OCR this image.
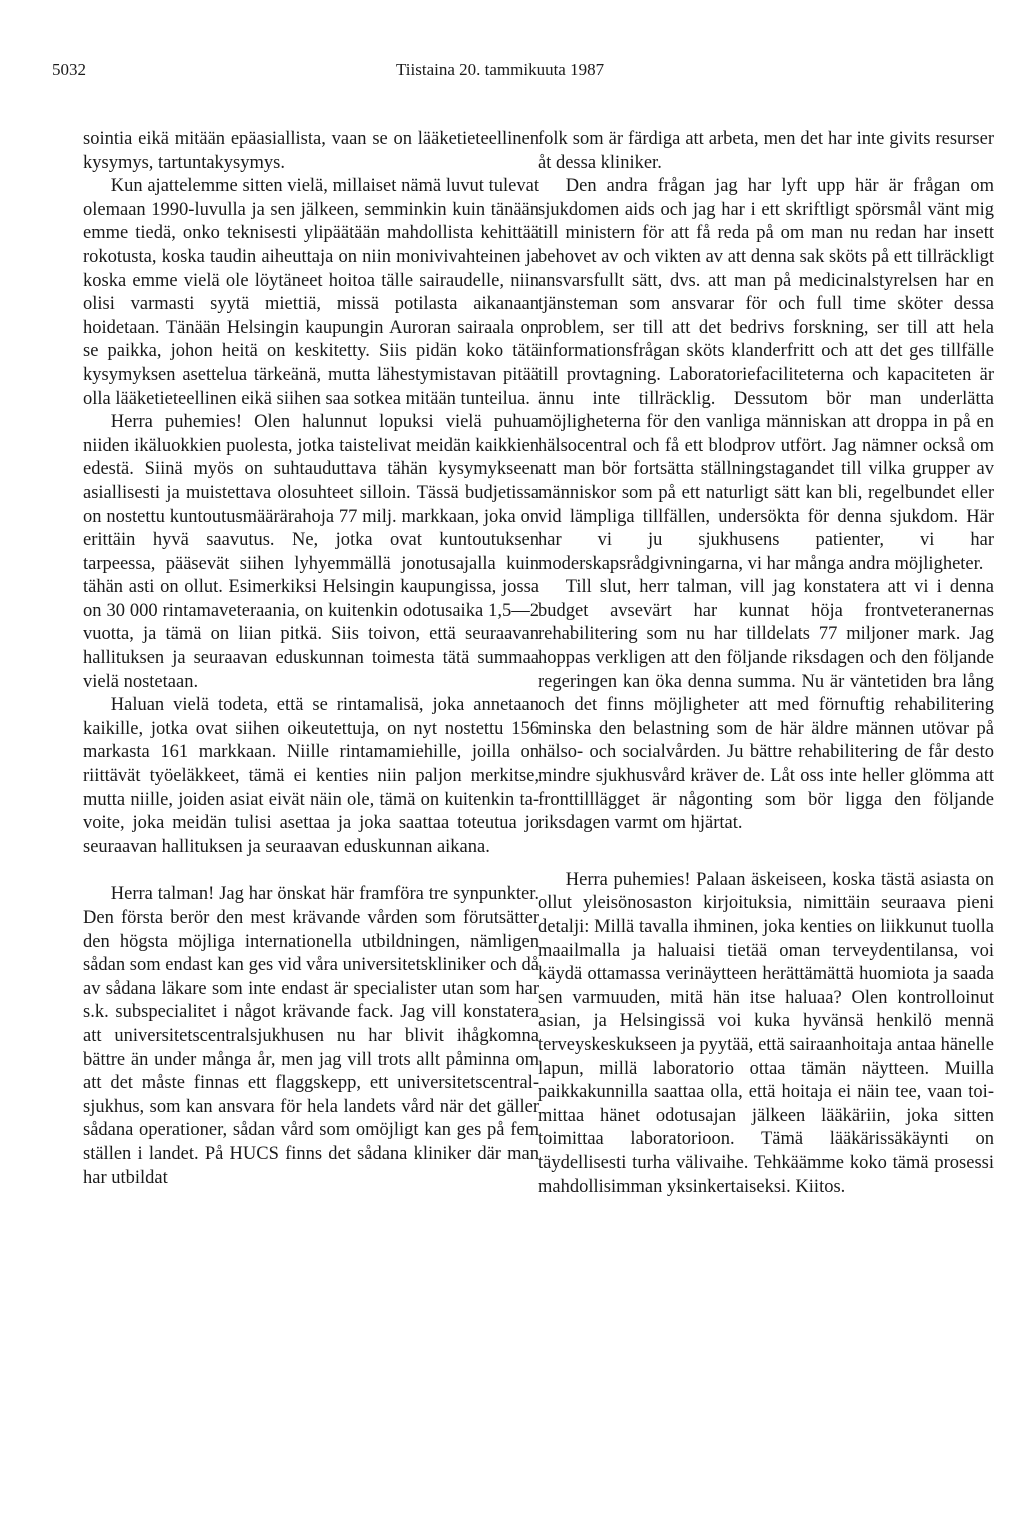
5032	Tiistaina 20. tammikuuta 1987

sointia eikä mitään epäasiallista, vaan se on lääketieteellinen kysymys, tartuntakysymys.

Kun ajattelemme sitten vielä, millaiset nämä luvut tulevat olemaan 1990-luvulla ja sen jälkeen, semminkin kuin tänään emme tiedä, onko teknisesti ylipäätään mahdollista kehittää rokotusta, koska taudin aiheuttaja on niin monivivahteinen ja koska emme vielä ole löytäneet hoitoa tälle sairaudelle, niin olisi varmasti syytä miettiä, missä potilasta aikanaan hoidetaan. Tänään Helsingin kaupungin Auroran sairaala on se paikka, johon heitä on keskitetty. Siis pidän koko tätä kysymyksen asettelua tärkeänä, mutta lähestymistavan pitää olla lääketieteellinen eikä siihen saa sotkea mitään tunteilua.

Herra puhemies! Olen halunnut lopuksi vielä puhua niiden ikäluokkien puolesta, jotka taistelivat meidän kaikkien edestä. Siinä myös on suhtauduttava tähän kysymykseen asiallisesti ja muistettava olosuhteet silloin. Tässä budjetissa on nostettu kuntoutusmäärärahoja 77 milj. markkaan, joka on erittäin hyvä saavutus. Ne, jotka ovat kuntoutuksen tarpeessa, pääsevät siihen lyhyemmällä jonotusajalla kuin tähän asti on ollut. Esimerkiksi Helsingin kaupungissa, jossa on 30 000 rintamaveteraania, on kuitenkin odotusaika 1,5—2 vuotta, ja tämä on liian pitkä. Siis toivon, että seuraavan hallituksen ja seuraavan eduskunnan toimesta tätä summaa vielä nostetaan.

Haluan vielä todeta, että se rintamalisä, joka annetaan kaikille, jotka ovat siihen oikeutettuja, on nyt nostettu 156 markasta 161 markkaan. Niille rintamamiehille, joilla on riittävät työeläkkeet, tämä ei kenties niin paljon merkitse, mutta niille, joiden asiat eivät näin ole, tämä on kuitenkin tavoite, joka meidän tulisi asettaa ja joka saattaa toteutua jo seuraavan hallituksen ja seuraavan eduskunnan aikana.

Herra talman! Jag har önskat här framföra tre synpunkter. Den första berör den mest krävande vården som förutsätter den högsta möjliga internationella utbildningen, nämligen sådan som endast kan ges vid våra universitetskliniker och då av sådana läkare som inte endast är specialister utan som har s.k. subspecialitet i något krävande fack. Jag vill konstatera att universitetscentralsjukhusen nu har blivit ihågkomna bättre än under många år, men jag vill trots allt påminna om att det måste finnas ett flaggskepp, ett universitetscentralsjukhus, som kan ansvara för hela landets vård när det gäller sådana operationer, sådan vård som omöjligt kan ges på fem ställen i landet. På HUCS finns det sådana kliniker där man har utbildat

folk som är färdiga att arbeta, men det har inte givits resurser åt dessa kliniker.

Den andra frågan jag har lyft upp här är frågan om sjukdomen aids och jag har i ett skriftligt spörsmål vänt mig till ministern för att få reda på om man nu redan har insett behovet av och vikten av att denna sak sköts på ett tillräckligt ansvarsfullt sätt, dvs. att man på medicinalstyrelsen har en tjänsteman som ansvarar för och full time sköter dessa problem, ser till att det bedrivs forskning, ser till att hela informationsfrågan sköts klanderfritt och att det ges tillfälle till provtagning. Laboratoriefaciliteterna och kapaciteten är ännu inte tillräcklig. Dessutom bör man underlätta möjligheterna för den vanliga människan att droppa in på en hälsocentral och få ett blodprov utfört. Jag nämner också om att man bör fortsätta ställningstagandet till vilka grupper av människor som på ett naturligt sätt kan bli, regelbundet eller vid lämpliga tillfällen, undersökta för denna sjukdom. Här har vi ju sjukhusens patienter, vi har moderskapsrådgivningarna, vi har många andra möjligheter.

Till slut, herr talman, vill jag konstatera att vi i denna budget avsevärt har kunnat höja frontveteranernas rehabilitering som nu har tilldelats 77 miljoner mark. Jag hoppas verkligen att den följande riksdagen och den följande regeringen kan öka denna summa. Nu är väntetiden bra lång och det finns möjligheter att med förnuftig rehabilitering minska den belastning som de här äldre männen utövar på hälso- och socialvården. Ju bättre rehabilitering de får desto mindre sjukhusvård kräver de. Låt oss inte heller glömma att fronttilllägget är någonting som bör ligga den följande riksdagen varmt om hjärtat.

Herra puhemies! Palaan äskeiseen, koska tästä asiasta on ollut yleisönosaston kirjoituksia, nimittäin seuraava pieni detalji: Millä tavalla ihminen, joka kenties on liikkunut tuolla maailmalla ja haluaisi tietää oman terveydentilansa, voi käydä ottamassa verinäytteen herättämättä huomiota ja saada sen varmuuden, mitä hän itse haluaa? Olen kontrolloinut asian, ja Helsingissä voi kuka hyvänsä henkilö mennä terveyskeskukseen ja pyytää, että sairaanhoitaja antaa hänelle lapun, millä laboratorio ottaa tämän näytteen. Muilla paikkakunnilla saattaa olla, että hoitaja ei näin tee, vaan toimittaa hänet odotusajan jälkeen lääkäriin, joka sitten toimittaa laboratorioon. Tämä lääkärissäkäynti on täydellisesti turha välivaihe. Tehkäämme koko tämä prosessi mahdollisimman yksinkertaiseksi. Kiitos.
